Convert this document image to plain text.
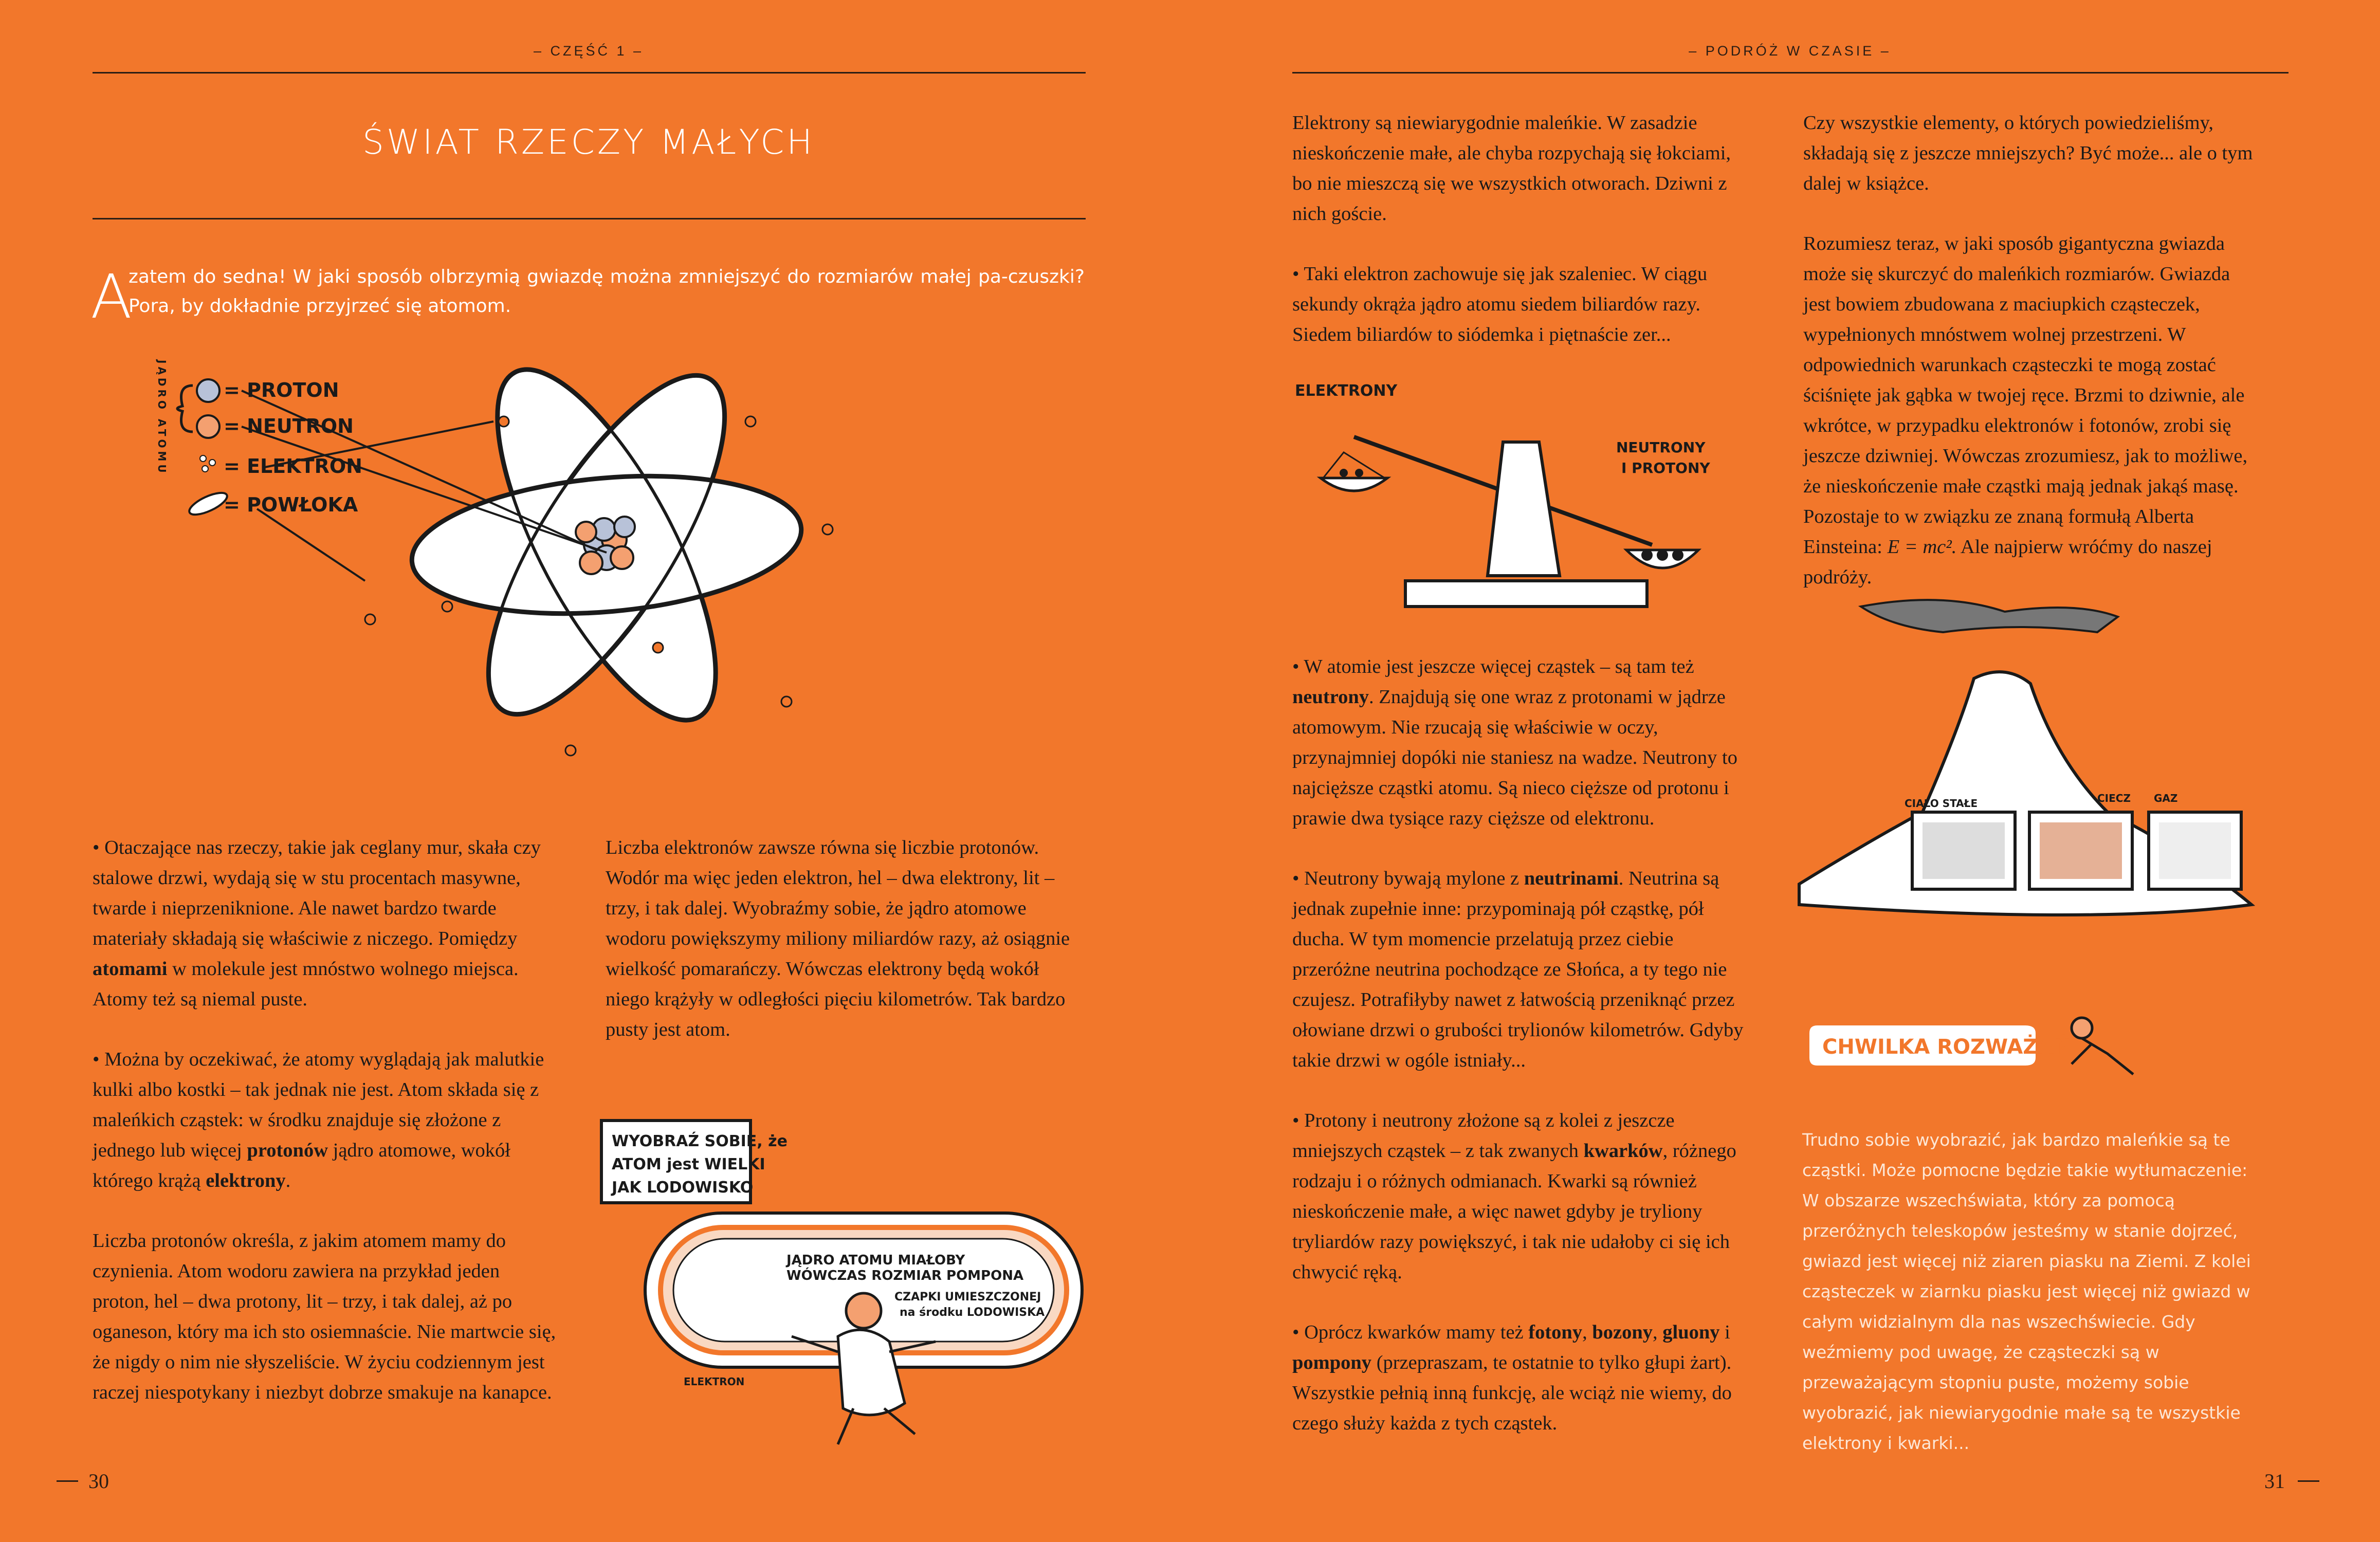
– CZĘŚĆ 1 –	– PODRÓŻ W CZASIE –
ŚWIAT RZECZY MAŁYCH
A
zatem do sedna! W jaki sposób olbrzymią gwiazdę można zmniejszyć do rozmiarów małej pa-czuszki? Pora, by dokładnie przyjrzeć się atomom.
JĄDRO ATOMU	= PROTON
= NEUTRON
= ELEKTRON
= POWŁOKA

• Otaczające nas rzeczy, takie jak ceglany mur, skała czy stalowe drzwi, wydają się w stu procentach masywne, twarde i nieprzeniknione. Ale nawet bardzo twarde materiały składają się właściwie z niczego. Pomiędzy atomami w molekule jest mnóstwo wolnego miejsca. Atomy też są niemal puste.

• Można by oczekiwać, że atomy wyglądają jak malutkie kulki albo kostki – tak jednak nie jest. Atom składa się z maleńkich cząstek: w środku znajduje się złożone z jednego lub więcej protonów jądro atomowe, wokół którego krążą elektrony.

Liczba protonów określa, z jakim atomem mamy do czynienia. Atom wodoru zawiera na przykład jeden proton, hel – dwa protony, lit – trzy, i tak dalej, aż po oganeson, który ma ich sto osiemnaście. Nie martwcie się, że nigdy o nim nie słyszeliście. W życiu codziennym jest raczej niespotykany i niezbyt dobrze smakuje na kanapce.

Liczba elektronów zawsze równa się liczbie protonów. Wodór ma więc jeden elektron, hel – dwa elektrony, lit – trzy, i tak dalej. Wyobraźmy sobie, że jądro atomowe wodoru powiększymy miliony miliardów razy, aż osiągnie wielkość pomarańczy. Wówczas elektrony będą wokół niego krążyły w odległości pięciu kilometrów. Tak bardzo pusty jest atom.

WYOBRAŹ SOBIE, że
ATOM jest WIELKI
JAK LODOWISKO
JĄDRO ATOMU MIAŁOBY
WÓWCZAS ROZMIAR POMPONA
CZAPKI UMIESZCZONEJ
na środku LODOWISKA
ELEKTRON
30

Elektrony są niewiarygodnie maleńkie. W zasadzie nieskończenie małe, ale chyba rozpychają się łokciami, bo nie mieszczą się we wszystkich otworach. Dziwni z nich goście.

• Taki elektron zachowuje się jak szaleniec. W ciągu sekundy okrąża jądro atomu siedem biliardów razy. Siedem biliardów to siódemka i piętnaście zer...

ELEKTRONY
NEUTRONY
I PROTONY

• W atomie jest jeszcze więcej cząstek – są tam też neutrony. Znajdują się one wraz z protonami w jądrze atomowym. Nie rzucają się właściwie w oczy, przynajmniej dopóki nie staniesz na wadze. Neutrony to najcięższe cząstki atomu. Są nieco cięższe od protonu i prawie dwa tysiące razy cięższe od elektronu.

• Neutrony bywają mylone z neutrinami. Neutrina są jednak zupełnie inne: przypominają pół cząstkę, pół ducha. W tym momencie przelatują przez ciebie przeróżne neutrina pochodzące ze Słońca, a ty tego nie czujesz. Potrafiłyby nawet z łatwością przeniknąć przez ołowiane drzwi o grubości trylionów kilometrów. Gdyby takie drzwi w ogóle istniały...

• Protony i neutrony złożone są z kolei z jeszcze mniejszych cząstek – z tak zwanych kwarków, różnego rodzaju i o różnych odmianach. Kwarki są również nieskończenie małe, a więc nawet gdyby je tryliony tryliardów razy powiększyć, i tak nie udałoby ci się ich chwycić ręką.

• Oprócz kwarków mamy też fotony, bozony, gluony i pompony (przepraszam, te ostatnie to tylko głupi żart). Wszystkie pełnią inną funkcję, ale wciąż nie wiemy, do czego służy każda z tych cząstek.

Czy wszystkie elementy, o których powiedzieliśmy, składają się z jeszcze mniejszych? Być może... ale o tym dalej w książce.

Rozumiesz teraz, w jaki sposób gigantyczna gwiazda może się skurczyć do maleńkich rozmiarów. Gwiazda jest bowiem zbudowana z maciupkich cząsteczek, wypełnionych mnóstwem wolnej przestrzeni. W odpowiednich warunkach cząsteczki te mogą zostać ściśnięte jak gąbka w twojej ręce. Brzmi to dziwnie, ale wkrótce, w przypadku elektronów i fotonów, zrobi się jeszcze dziwniej. Wówczas zrozumiesz, jak to możliwe, że nieskończenie małe cząstki mają jednak jakąś masę. Pozostaje to w związku ze znaną formułą Alberta Einsteina: E = mc². Ale najpierw wróćmy do naszej podróży.

CIAŁO STAŁE	CIECZ GAZ
CHWILKA ROZWAŻAŃ
Trudno sobie wyobrazić, jak bardzo maleńkie są te cząstki. Może pomocne będzie takie wytłumaczenie: W obszarze wszechświata, który za pomocą przeróżnych teleskopów jesteśmy w stanie dojrzeć, gwiazd jest więcej niż ziaren piasku na Ziemi. Z kolei cząsteczek w ziarnku piasku jest więcej niż gwiazd w całym widzialnym dla nas wszechświecie. Gdy weźmiemy pod uwagę, że cząsteczki są w przeważającym stopniu puste, możemy sobie wyobrazić, jak niewiarygodnie małe są te wszystkie elektrony i kwarki...
31
